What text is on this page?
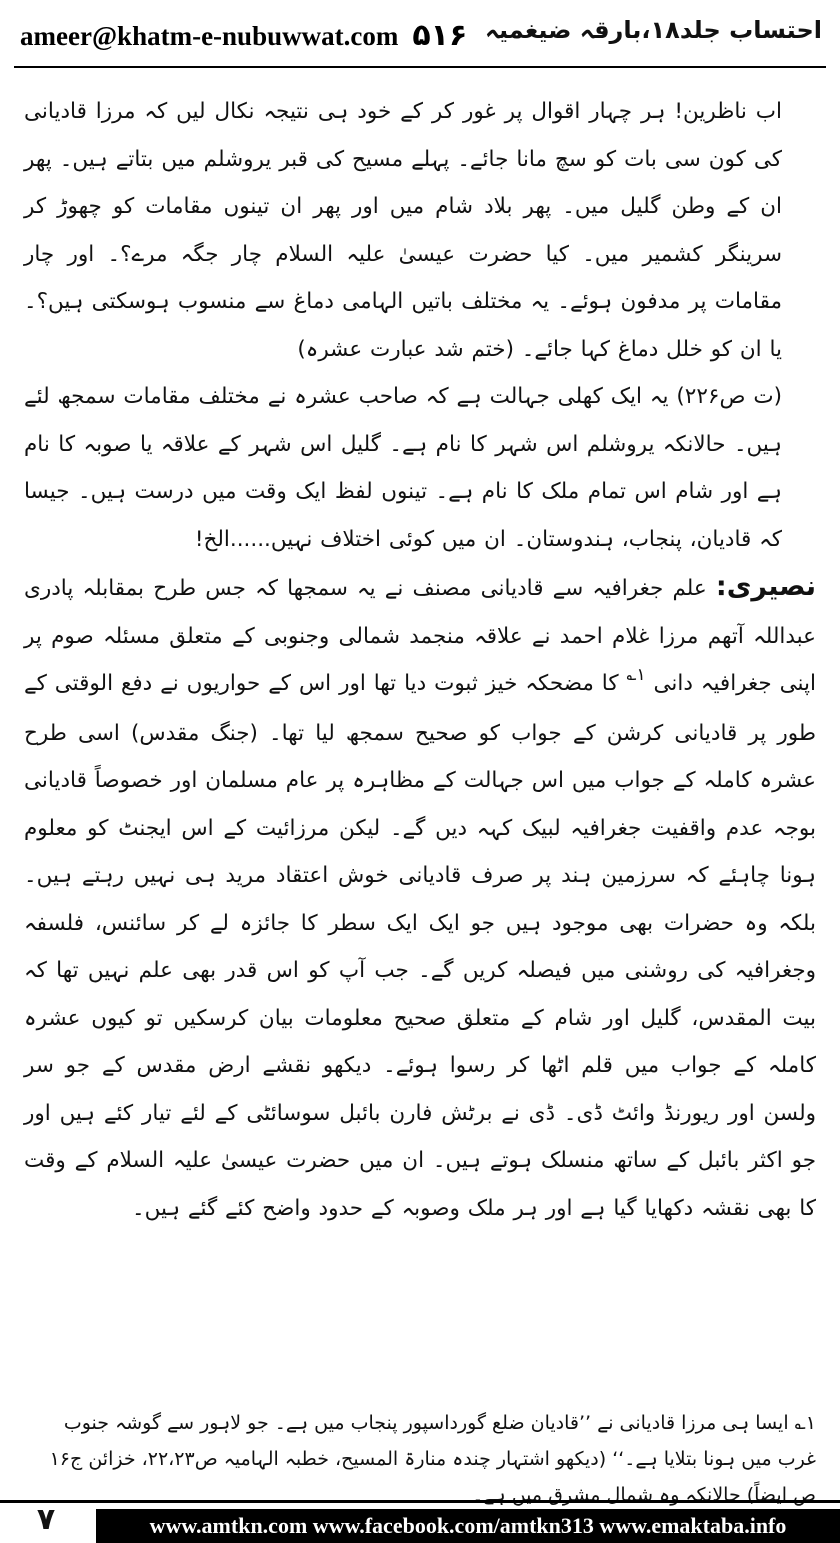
ameer@khatm-e-nubuwwat.com ۵۱۶ احتساب جلد۱۸،بارقہ ضیغمیہ

اب ناظرین! ہر چہار اقوال پر غور کر کے خود ہی نتیجہ نکال لیں کہ مرزا قادیانی کی کون سی بات کو سچ مانا جائے۔ پہلے مسیح کی قبر یروشلم میں بتاتے ہیں۔ پھر ان کے وطن گلیل میں۔ پھر بلاد شام میں اور پھر ان تینوں مقامات کو چھوڑ کر سرینگر کشمیر میں۔ کیا حضرت عیسیٰ علیہ السلام چار جگہ مرے؟۔ اور چار مقامات پر مدفون ہوئے۔ یہ مختلف باتیں الہامی دماغ سے منسوب ہوسکتی ہیں؟۔ یا ان کو خلل دماغ کہا جائے۔ (ختم شد عبارت عشرہ)

(ت ص۲۲۶) یہ ایک کھلی جہالت ہے کہ صاحب عشرہ نے مختلف مقامات سمجھ لئے ہیں۔ حالانکہ یروشلم اس شہر کا نام ہے۔ گلیل اس شہر کے علاقہ یا صوبہ کا نام ہے اور شام اس تمام ملک کا نام ہے۔ تینوں لفظ ایک وقت میں درست ہیں۔ جیسا کہ قادیان، پنجاب، ہندوستان۔ ان میں کوئی اختلاف نہیں......الخ!

نصیری: علم جغرافیہ سے قادیانی مصنف نے یہ سمجھا کہ جس طرح بمقابلہ پادری عبداللہ آتھم مرزا غلام احمد نے علاقہ منجمد شمالی وجنوبی کے متعلق مسئلہ صوم پر اپنی جغرافیہ دانی $^{۱؎}$ کا مضحکہ خیز ثبوت دیا تھا اور اس کے حواریوں نے دفع الوقتی کے طور پر قادیانی کرشن کے جواب کو صحیح سمجھ لیا تھا۔ (جنگ مقدس) اسی طرح عشرہ کاملہ کے جواب میں اس جہالت کے مظاہرہ پر عام مسلمان اور خصوصاً قادیانی بوجہ عدم واقفیت جغرافیہ لبیک کہہ دیں گے۔ لیکن مرزائیت کے اس ایجنٹ کو معلوم ہونا چاہئے کہ سرزمین ہند پر صرف قادیانی خوش اعتقاد مرید ہی نہیں رہتے ہیں۔ بلکہ وہ حضرات بھی موجود ہیں جو ایک ایک سطر کا جائزہ لے کر سائنس، فلسفہ وجغرافیہ کی روشنی میں فیصلہ کریں گے۔ جب آپ کو اس قدر بھی علم نہیں تھا کہ بیت المقدس، گلیل اور شام کے متعلق صحیح معلومات بیان کرسکیں تو کیوں عشرہ کاملہ کے جواب میں قلم اٹھا کر رسوا ہوئے۔ دیکھو نقشے ارض مقدس کے جو سر ولسن اور ریورنڈ وائٹ ڈی۔ ڈی نے برٹش فارن بائبل سوسائٹی کے لئے تیار کئے ہیں اور جو اکثر بائبل کے ساتھ منسلک ہوتے ہیں۔ ان میں حضرت عیسیٰ علیہ السلام کے وقت کا بھی نقشہ دکھایا گیا ہے اور ہر ملک وصوبہ کے حدود واضح کئے گئے ہیں۔

۱؎ ایسا ہی مرزا قادیانی نے ’’قادیان ضلع گورداسپور پنجاب میں ہے۔ جو لاہور سے گوشہ جنوب غرب میں ہونا بتلایا ہے۔‘‘ (دیکھو اشتہار چندہ منارۃ المسیح، خطبہ الہامیہ ص۲۲،۲۳، خزائن ج۱۶ ص ایضاً) حالانکہ وہ شمال مشرق میں ہے۔

۷	www.amtkn.com www.facebook.com/amtkn313 www.emaktaba.info
